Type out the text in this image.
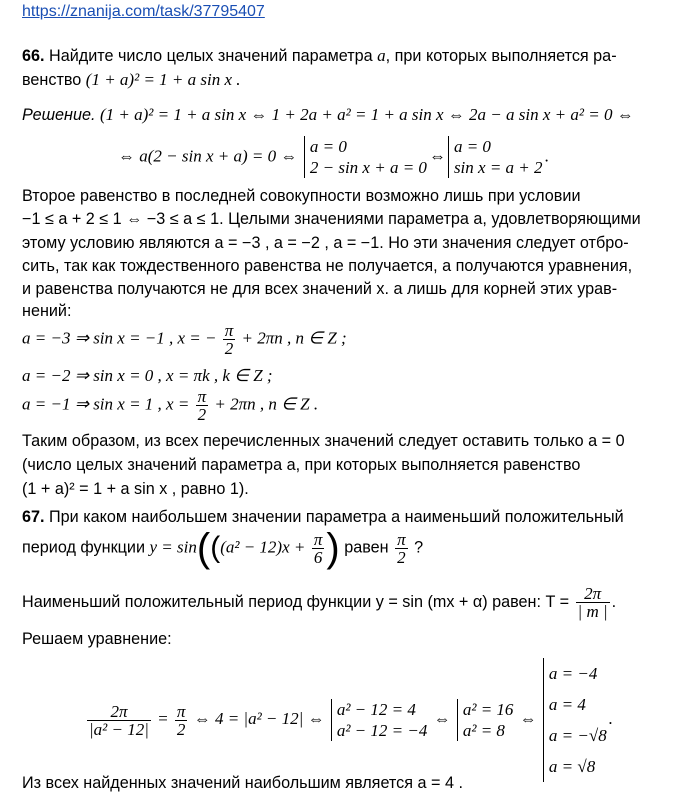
https://znanija.com/task/37795407
66. Найдите число целых значений параметра a, при которых выполняется ра-
венство (1 + a)² = 1 + a sin x .
Решение. (1 + a)² = 1 + a sin x ⇔ 1 + 2a + a² = 1 + a sin x ⇔ 2a − a sin x + a² = 0 ⇔
⇔ a(2 − sin x + a) = 0 ⇔ a = 0
2 − sin x + a = 0
⇔ a = 0
sin x = a + 2
.
Второе равенство в последней совокупности возможно лишь при условии
−1 ≤ a + 2 ≤ 1 ⇔ −3 ≤ a ≤ 1. Целыми значениями параметра a, удовлетворяющими
этому условию являются a = −3 , a = −2 , a = −1. Но эти значения следует отбро-
сить, так как тождественного равенства не получается, а получаются уравнения,
и равенства получаются не для всех значений x. а лишь для корней этих урав-
нений:
a = −3 ⇒ sin x = −1 , x = − $\frac{\pi}{2} + 2\pi n$ , n ∈ Z ;
a = −2 ⇒ sin x = 0 , x = πk , k ∈ Z ;
a = −1 ⇒ sin x = 1 , $x = \frac{\pi}{2} + 2\pi n$ , n ∈ Z .
Таким образом, из всех перечисленных значений следует оставить только a = 0
(число целых значений параметра a, при которых выполняется равенство
(1 + a)² = 1 + a sin x , равно 1).
67. При каком наибольшем значении параметра a наименьший положительный
период функции $y = \sin(((a^2 - 12)x + \frac{\pi}{6}$ ) равен $\frac{\pi}{2}$ ?
Наименьший положительный период функции y = sin (mx + α) равен: $T = \frac{2\pi}{| m |}$ .
Решаем уравнение:
$\frac{2\pi}{\text{|a² − 12|}} = \frac{\pi}{2}$ ⇔ 4 = |a² − 12| ⇔ a² − 12 = 4
a² − 12 = −4
⇔ a² = 16
a² = 8
⇔
a = −4
a = 4
a = −√8
a = √8
.
Из всех найденных значений наибольшим является a = 4 .
